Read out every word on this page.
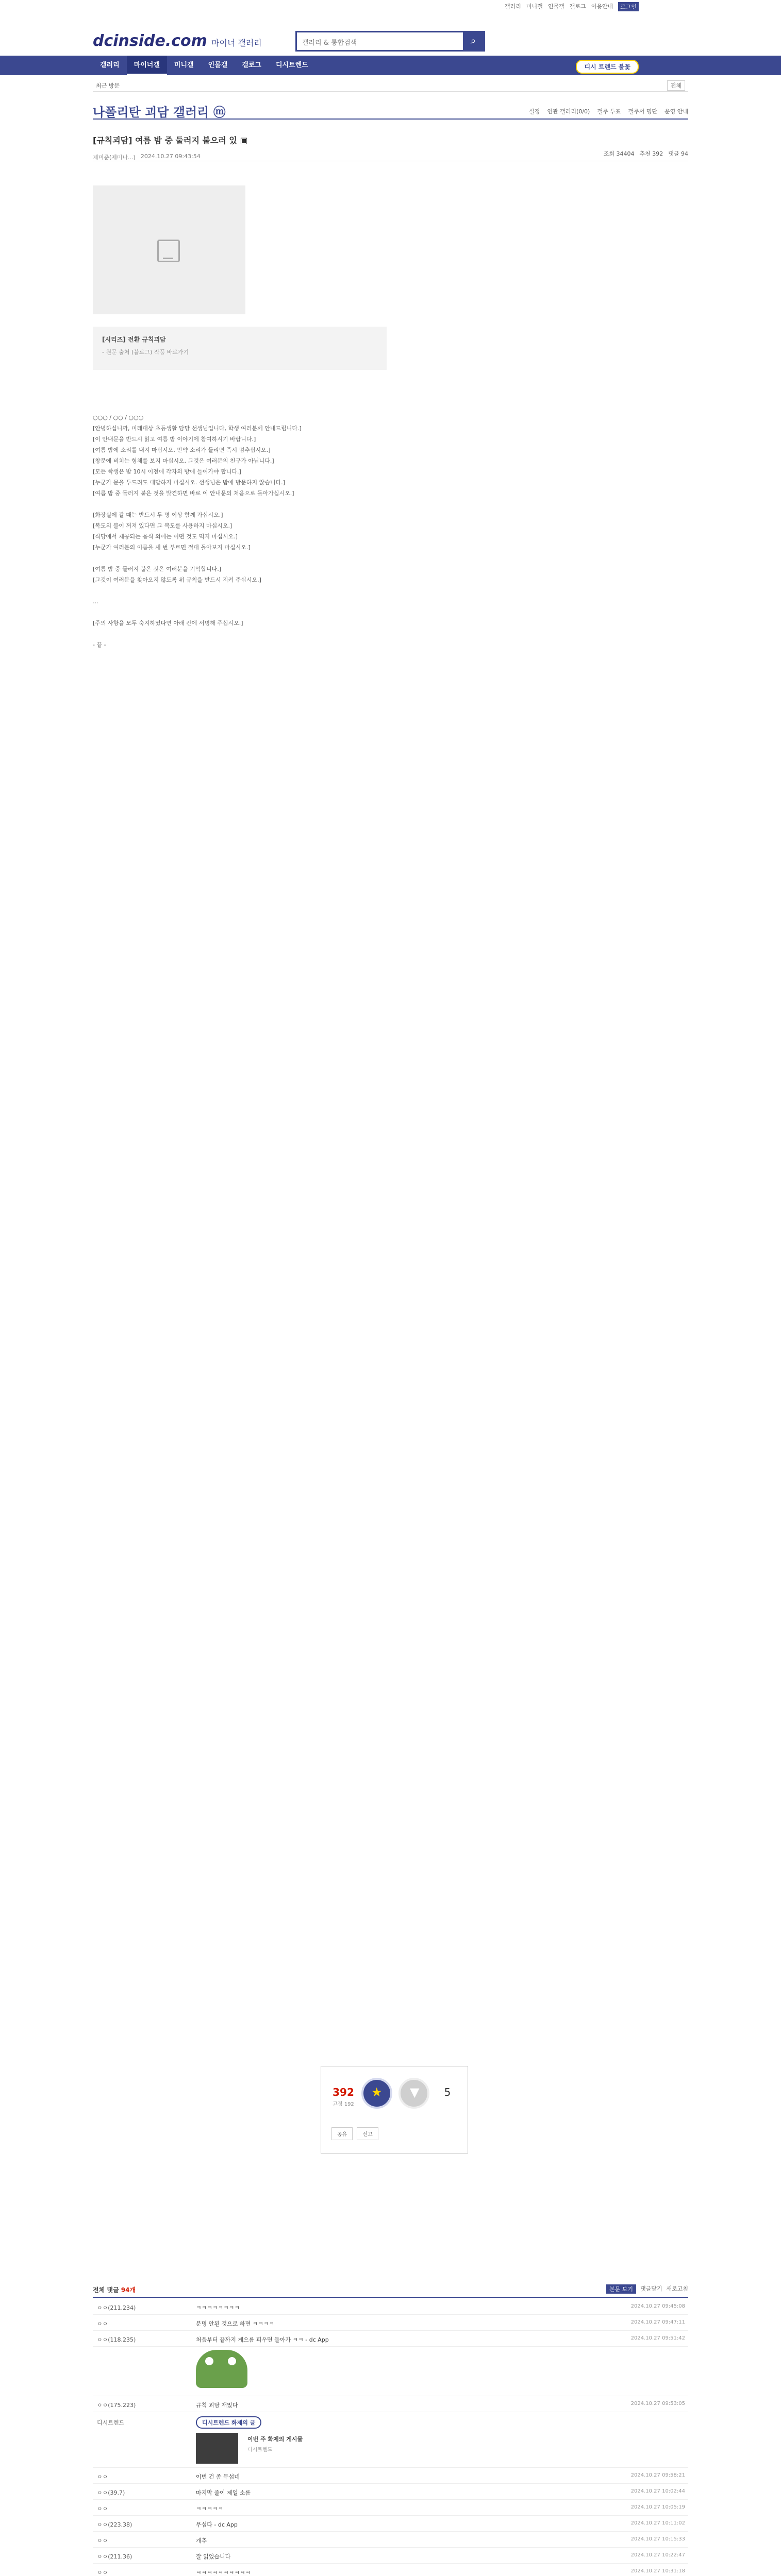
갤러리 미니갤 인물갤 갤로그 이용안내	로그인
dcinside.com 마이너 갤러리	갤러리 & 통합검색	⌕
갤러리	마이너갤	미니갤	인물갤	갤로그	디시트렌드	디시 트렌드 불꽃
최근 방문	전체
나폴리탄 괴담 갤러리 ⓜ	설정 연관 갤러리(0/0) 갤주 투표 갤주서 명단 운영 안내
[규칙괴담] 여름 밤 중 둘러지 붙으러 있 ▣
제미준(제미나...) 2024.10.27 09:43:54	조회 34404 추천 392 댓글 94
[시리즈] 전환 규칙괴담
- 원문 출처 (블로그) 작품 바로가기

○○○ / ○○ / ○○○

[안녕하십니까, 미래대상 초등생활 담당 선생님입니다, 학생 여러분께 안내드립니다.]

[이 안내문을 반드시 읽고 여름 밤 이야기에 참여하시기 바랍니다.]

[여름 밤에 소리를 내지 마십시오. 만약 소리가 들리면 즉시 멈추십시오.]

[창문에 비치는 형체를 보지 마십시오. 그것은 여러분의 친구가 아닙니다.]

[모든 학생은 밤 10시 이전에 각자의 방에 들어가야 합니다.]

[누군가 문을 두드려도 대답하지 마십시오. 선생님은 밤에 방문하지 않습니다.]

[여름 밤 중 둘러지 붙은 것을 발견하면 바로 이 안내문의 처음으로 돌아가십시오.]

[화장실에 갈 때는 반드시 두 명 이상 함께 가십시오.]

[복도의 불이 꺼져 있다면 그 복도를 사용하지 마십시오.]

[식당에서 제공되는 음식 외에는 어떤 것도 먹지 마십시오.]

[누군가 여러분의 이름을 세 번 부르면 절대 돌아보지 마십시오.]

[여름 밤 중 둘러지 붙은 것은 여러분을 기억합니다.]

[그것이 여러분을 찾아오지 않도록 위 규칙을 반드시 지켜 주십시오.]

…

[주의 사항을 모두 숙지하였다면 아래 칸에 서명해 주십시오.]

- 끝 -

392
고정 192
★ ▼	5
공유	신고
전체 댓글 94개	본문 보기	댓글닫기 새로고침
ㅇㅇ(211.234)	ㅋㅋㅋㅋㅋㅋㅋㅋ	2024.10.27 09:45:08
ㅇㅇ	분명 안된 것으로 하면 ㅋㅋㅋㅋ	2024.10.27 09:47:11
ㅇㅇ(118.235)	처음부터 끝까지 게으름 피우면 돌아가 ㅋㅋ - dc App	2024.10.27 09:51:42
ㅇㅇ(175.223)	규칙 괴담 재밌다	2024.10.27 09:53:05
디시트렌드	디시트렌드 화제의 글
이번 주 화제의 게시물
디시트렌드
ㅇㅇ	이번 건 좀 무섭네	2024.10.27 09:58:21
ㅇㅇ(39.7)	마지막 줄이 제일 소름	2024.10.27 10:02:44
ㅇㅇ	ㅋㅋㅋㅋㅋ	2024.10.27 10:05:19
ㅇㅇ(223.38)	무섭다 - dc App	2024.10.27 10:11:02
ㅇㅇ	개추	2024.10.27 10:15:33
ㅇㅇ(211.36)	잘 읽었습니다	2024.10.27 10:22:47
ㅇㅇ	ㅋㅋㅋㅋㅋㅋㅋㅋㅋㅋ	2024.10.27 10:31:18
